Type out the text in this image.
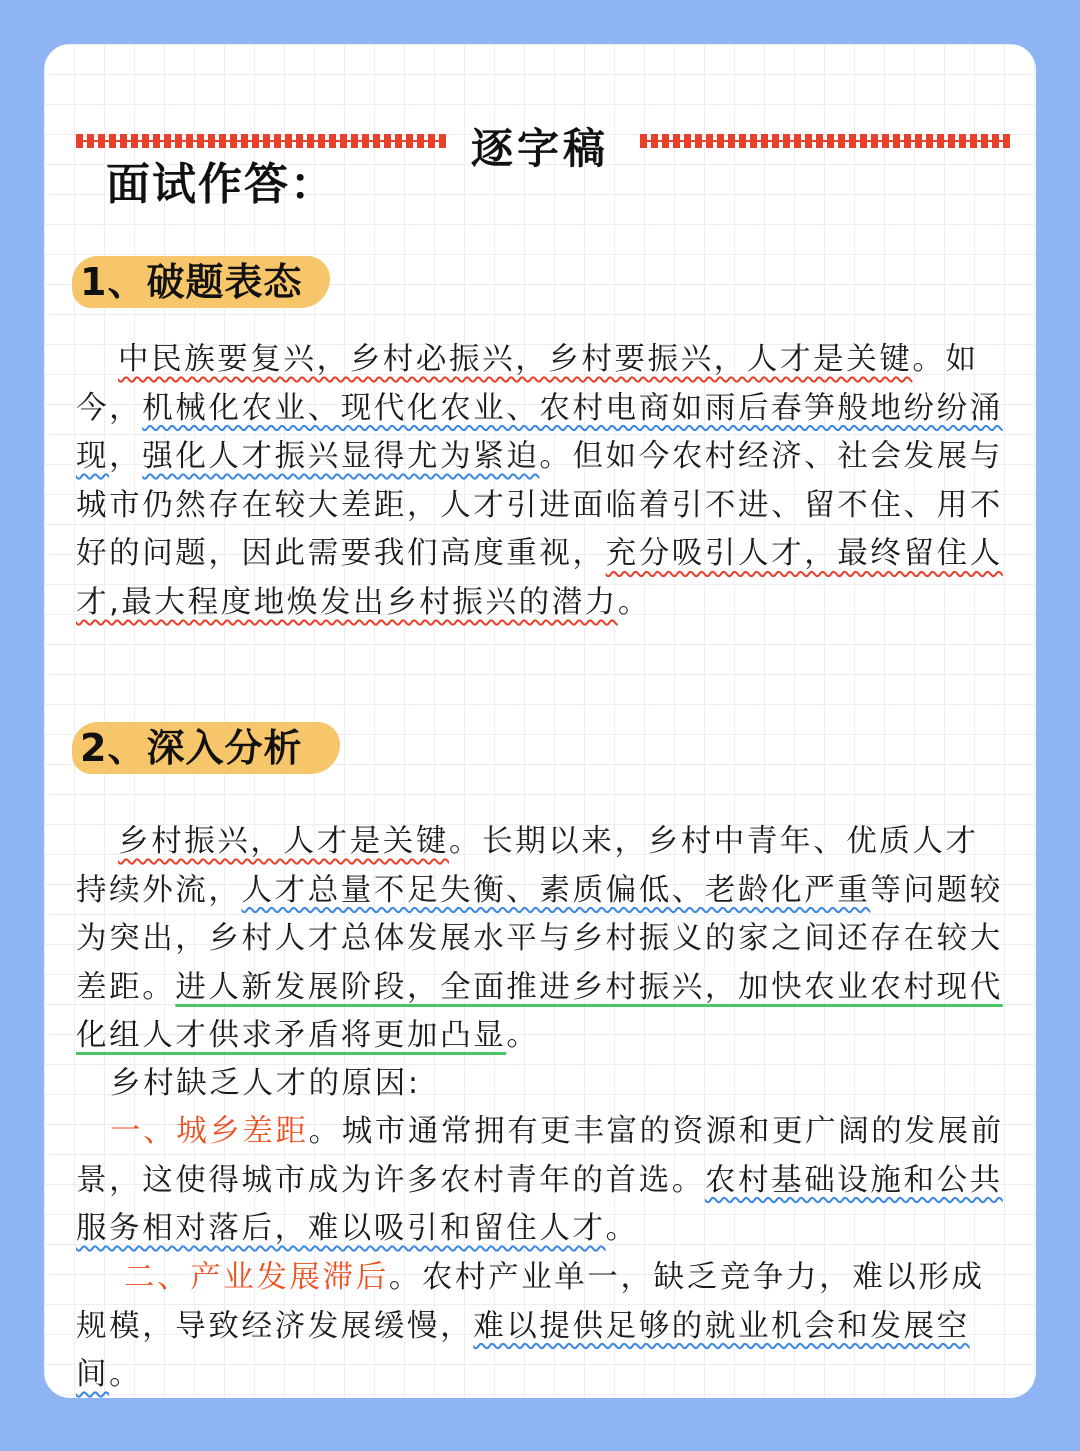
逐字稿
面试作答：
1、破题表态

中民族要复兴，乡村必振兴，乡村要振兴，人才是关键。如今，机械化农业、现代化农业、农村电商如雨后春笋般地纷纷涌现，强化人才振兴显得尤为紧迫。但如今农村经济、社会发展与城市仍然存在较大差距，人才引进面临着引不进、留不住、用不好的问题，因此需要我们高度重视，充分吸引人才，最终留住人才,最大程度地焕发出乡村振兴的潜力。

2、深入分析

乡村振兴，人才是关键。长期以来，乡村中青年、优质人才持续外流，人才总量不足失衡、素质偏低、老龄化严重等问题较为突出，乡村人才总体发展水平与乡村振义的家之间还存在较大差距。进人新发展阶段，全面推进乡村振兴，加快农业农村现代化组人才供求矛盾将更加凸显。

乡村缺乏人才的原因:

一、城乡差距。城市通常拥有更丰富的资源和更广阔的发展前景，这使得城市成为许多农村青年的首选。农村基础设施和公共服务相对落后，难以吸引和留住人才。

二、产业发展滞后。农村产业单一，缺乏竞争力，难以形成规模，导致经济发展缓慢，难以提供足够的就业机会和发展空间。
